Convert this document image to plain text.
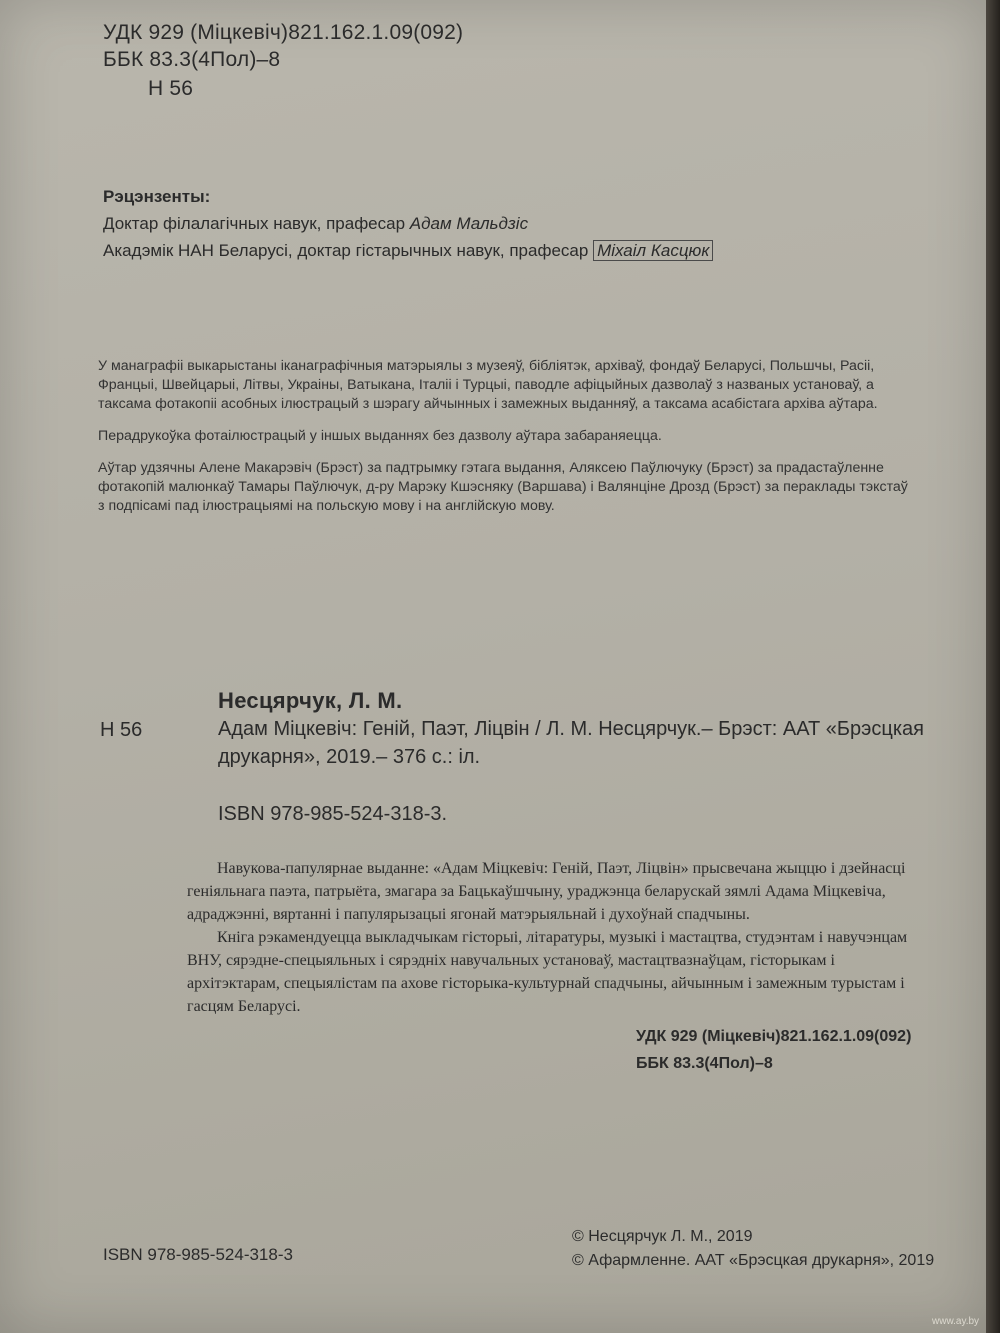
УДК 929 (Міцкевіч)821.162.1.09(092)
ББК 83.3(4Пол)–8
Н 56
Рэцэнзенты:
Доктар філалагічных навук, прафесар Адам Мальдзіс
Акадэмік НАН Беларусі, доктар гістарычных навук, прафесар Міхаіл Касцюк

У манаграфіі выкарыстаны іканаграфічныя матэрыялы з музеяў, бібліятэк, архіваў, фондаў Беларусі, Польшчы, Расіі, Францыі, Швейцарыі, Літвы, Украіны, Ватыкана, Італіі і Турцыі, паводле афіцыйных дазволаў з названых установаў, а таксама фотакопіі асобных ілюстрацый з шэрагу айчынных і замежных выданняў, а таксама асабістага архіва аўтара.

Перадрукоўка фотаілюстрацый у іншых выданнях без дазволу аўтара забараняецца.

Аўтар удзячны Алене Макарэвіч (Брэст) за падтрымку гэтага выдання, Аляксею Паўлючуку (Брэст) за прадастаўленне фотакопій малюнкаў Тамары Паўлючук, д-ру Марэку Кшэсняку (Варшава) і Валянціне Дрозд (Брэст) за пераклады тэкстаў з подпісамі пад ілюстрацыямі на польскую мову і на англійскую мову.

Несцярчук, Л. М.
Н 56	Адам Міцкевіч: Геній, Паэт, Ліцвін / Л. М. Несцярчук.– Брэст: ААТ «Брэсцкая друкарня», 2019.– 376 с.: іл.
ISBN 978-985-524-318-3.

Навукова-папулярнае выданне: «Адам Міцкевіч: Геній, Паэт, Ліцвін» прысвечана жыццю і дзейнасці геніяльнага паэта, патрыёта, змагара за Бацькаўшчыну, ураджэнца беларускай зямлі Адама Міцкевіча, адраджэнні, вяртанні і папулярызацыі ягонай матэрыяльнай і духоўнай спадчыны.

Кніга рэкамендуецца выкладчыкам гісторыі, літаратуры, музыкі і мастацтва, студэнтам і навучэнцам ВНУ, сярэдне-спецыяльных і сярэдніх навучальных установаў, мастацтвазнаўцам, гісторыкам і архітэктарам, спецыялістам па ахове гісторыка-культурнай спадчыны, айчынным і замежным турыстам і гасцям Беларусі.

УДК 929 (Міцкевіч)821.162.1.09(092)
ББК 83.3(4Пол)–8
ISBN 978-985-524-318-3
© Несцярчук Л. М., 2019
© Афармленне. ААТ «Брэсцкая друкарня», 2019
www.ay.by
